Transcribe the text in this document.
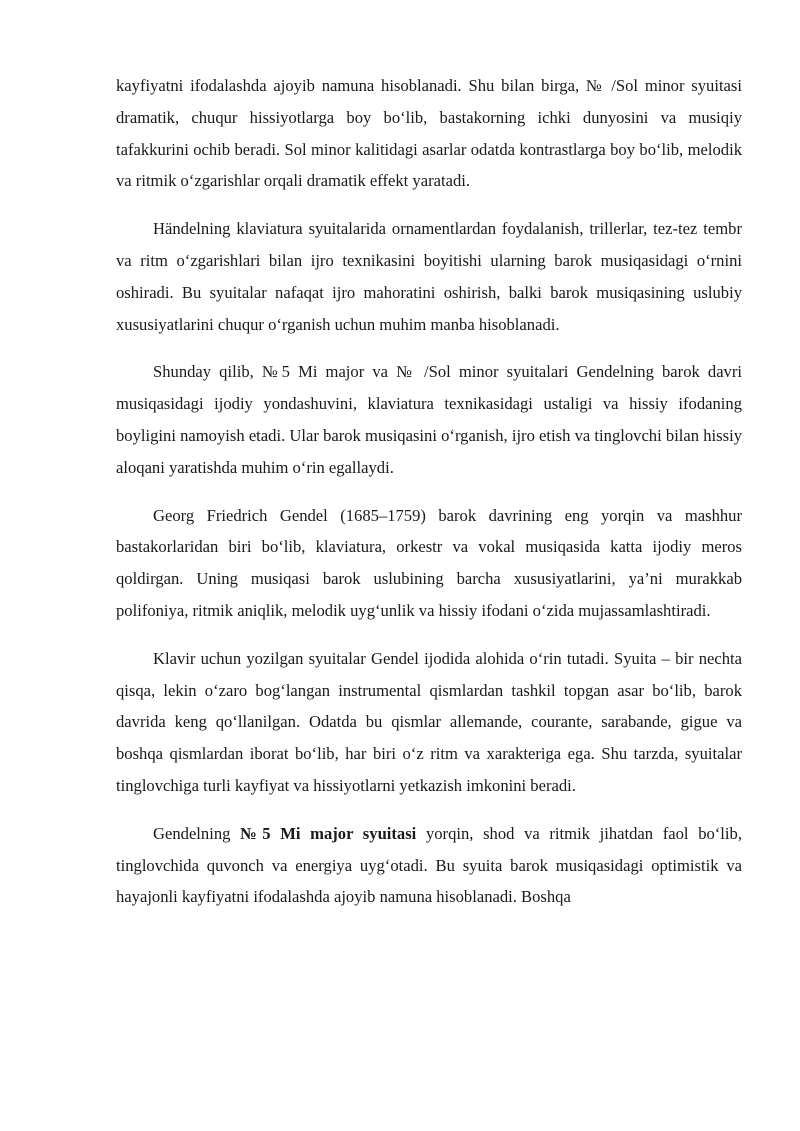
kayfiyatni ifodalashda ajoyib namuna hisoblanadi. Shu bilan birga, № /Sol minor syuitasi dramatik, chuqur hissiyotlarga boy bo‘lib, bastakorning ichki dunyosini va musiqiy tafakkurini ochib beradi. Sol minor kalitidagi asarlar odatda kontrastlarga boy bo‘lib, melodik va ritmik o‘zgarishlar orqali dramatik effekt yaratadi.

Händelning klaviatura syuitalarida ornamentlardan foydalanish, trillerlar, tez-tez tembr va ritm o‘zgarishlari bilan ijro texnikasini boyitishi ularning barok musiqasidagi o‘rnini oshiradi. Bu syuitalar nafaqat ijro mahoratini oshirish, balki barok musiqasining uslubiy xususiyatlarini chuqur o‘rganish uchun muhim manba hisoblanadi.

Shunday qilib, №5 Mi major va № /Sol minor syuitalari Gendelning barok davri musiqasidagi ijodiy yondashuvini, klaviatura texnikasidagi ustaligi va hissiy ifodaning boyligini namoyish etadi. Ular barok musiqasini o‘rganish, ijro etish va tinglovchi bilan hissiy aloqani yaratishda muhim o‘rin egallaydi.

Georg Friedrich Gendel (1685–1759) barok davrining eng yorqin va mashhur bastakorlaridan biri bo‘lib, klaviatura, orkestr va vokal musiqasida katta ijodiy meros qoldirgan. Uning musiqasi barok uslubining barcha xususiyatlarini, ya’ni murakkab polifoniya, ritmik aniqlik, melodik uyg‘unlik va hissiy ifodani o‘zida mujassamlashtiradi.

Klavir uchun yozilgan syuitalar Gendel ijodida alohida o‘rin tutadi. Syuita – bir nechta qisqa, lekin o‘zaro bog‘langan instrumental qismlardan tashkil topgan asar bo‘lib, barok davrida keng qo‘llanilgan. Odatda bu qismlar allemande, courante, sarabande, gigue va boshqa qismlardan iborat bo‘lib, har biri o‘z ritm va xarakteriga ega. Shu tarzda, syuitalar tinglovchiga turli kayfiyat va hissiyotlarni yetkazish imkonini beradi.

Gendelning №5 Mi major syuitasi yorqin, shod va ritmik jihatdan faol bo‘lib, tinglovchida quvonch va energiya uyg‘otadi. Bu syuita barok musiqasidagi optimistik va hayajonli kayfiyatni ifodalashda ajoyib namuna hisoblanadi. Boshqa
